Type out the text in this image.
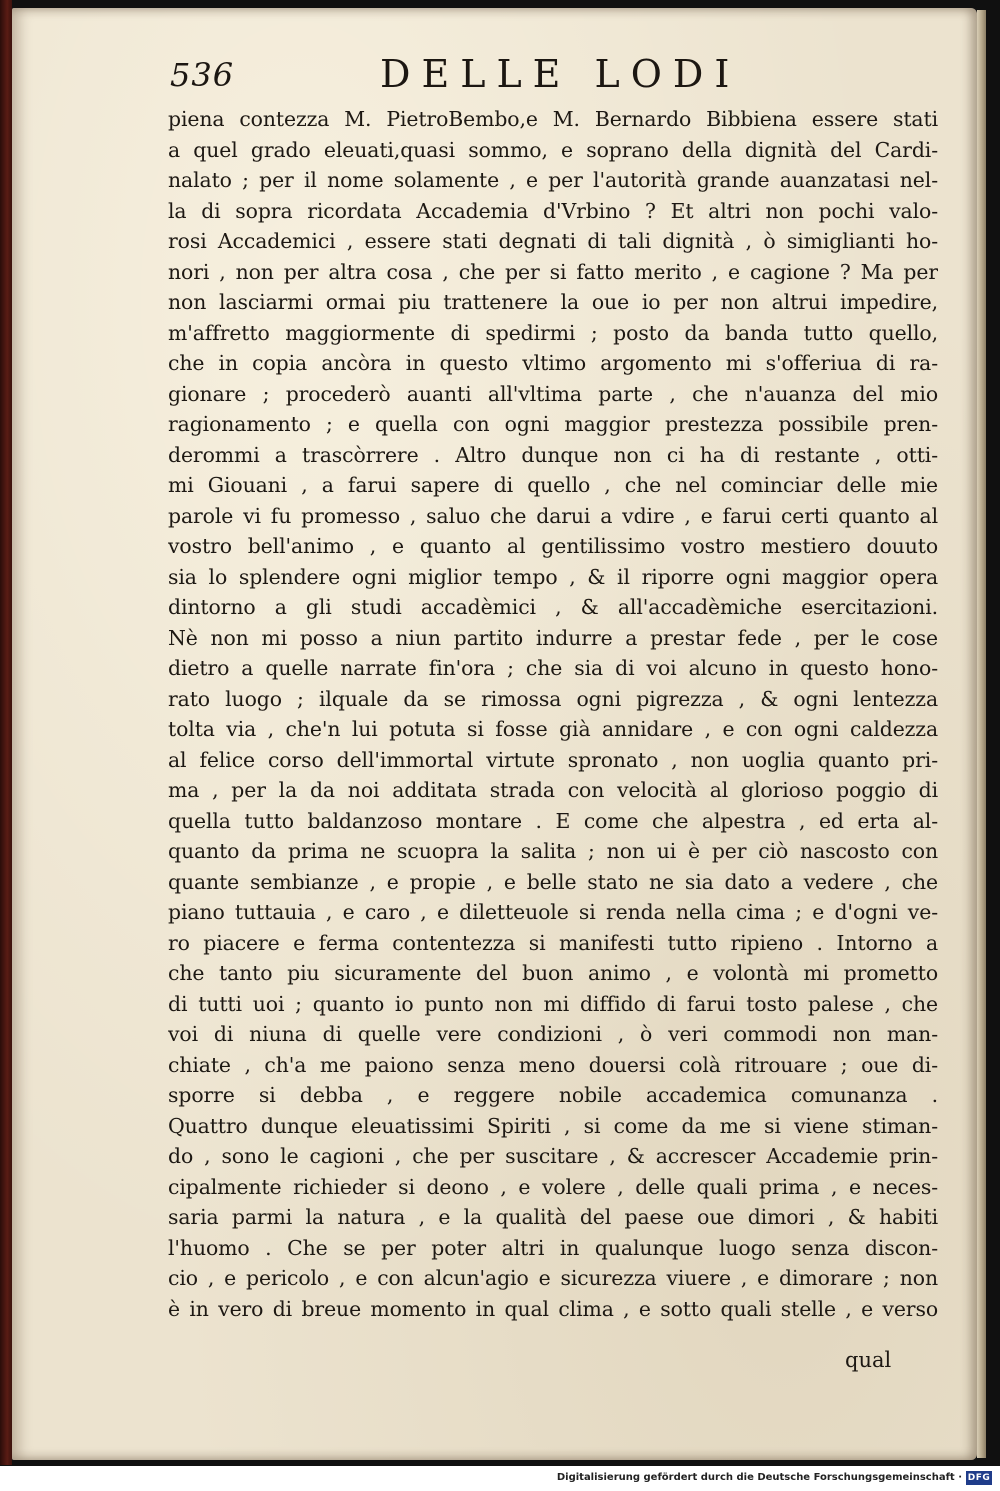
536	DELLE LODI
piena contezza M. PietroBembo,e M. Bernardo Bibbiena essere stati
a quel grado eleuati,quasi sommo, e soprano della dignità del Cardi-
nalato ; per il nome solamente , e per l'autorità grande auanzatasi nel-
la di sopra ricordata Accademia d'Vrbino ? Et altri non pochi valo-
rosi Accademici , essere stati degnati di tali dignità , ò simiglianti ho-
nori , non per altra cosa , che per si fatto merito , e cagione ? Ma per
non lasciarmi ormai piu trattenere la oue io per non altrui impedire,
m'affretto maggiormente di spedirmi ; posto da banda tutto quello,
che in copia ancòra in questo vltimo argomento mi s'offeriua di ra-
gionare ; procederò auanti all'vltima parte , che n'auanza del mio
ragionamento ; e quella con ogni maggior prestezza possibile pren-
derommi a trascòrrere . Altro dunque non ci ha di restante , otti-
mi Giouani , a farui sapere di quello , che nel cominciar delle mie
parole vi fu promesso , saluo che darui a vdire , e farui certi quanto al
vostro bell'animo , e quanto al gentilissimo vostro mestiero douuto
sia lo splendere ogni miglior tempo , & il riporre ogni maggior opera
dintorno a gli studi accadèmici , & all'accadèmiche esercitazioni.
Nè non mi posso a niun partito indurre a prestar fede , per le cose
dietro a quelle narrate fin'ora ; che sia di voi alcuno in questo hono-
rato luogo ; ilquale da se rimossa ogni pigrezza , & ogni lentezza
tolta via , che'n lui potuta si fosse già annidare , e con ogni caldezza
al felice corso dell'immortal virtute spronato , non uoglia quanto pri-
ma , per la da noi additata strada con velocità al glorioso poggio di
quella tutto baldanzoso montare . E come che alpestra , ed erta al-
quanto da prima ne scuopra la salita ; non ui è per ciò nascosto con
quante sembianze , e propie , e belle stato ne sia dato a vedere , che
piano tuttauia , e caro , e diletteuole si renda nella cima ; e d'ogni ve-
ro piacere e ferma contentezza si manifesti tutto ripieno . Intorno a
che tanto piu sicuramente del buon animo , e volontà mi prometto
di tutti uoi ; quanto io punto non mi diffido di farui tosto palese , che
voi di niuna di quelle vere condizioni , ò veri commodi non man-
chiate , ch'a me paiono senza meno douersi colà ritrouare ; oue di-
sporre si debba , e reggere nobile accademica comunanza .
Quattro dunque eleuatissimi Spiriti , si come da me si viene stiman-
do , sono le cagioni , che per suscitare , & accrescer Accademie prin-
cipalmente richieder si deono , e volere , delle quali prima , e neces-
saria parmi la natura , e la qualità del paese oue dimori , & habiti
l'huomo . Che se per poter altri in qualunque luogo senza discon-
cio , e pericolo , e con alcun'agio e sicurezza viuere , e dimorare ; non
è in vero di breue momento in qual clima , e sotto quali stelle , e verso
qual
Digitalisierung gefördert durch die Deutsche Forschungsgemeinschaft · DFG
